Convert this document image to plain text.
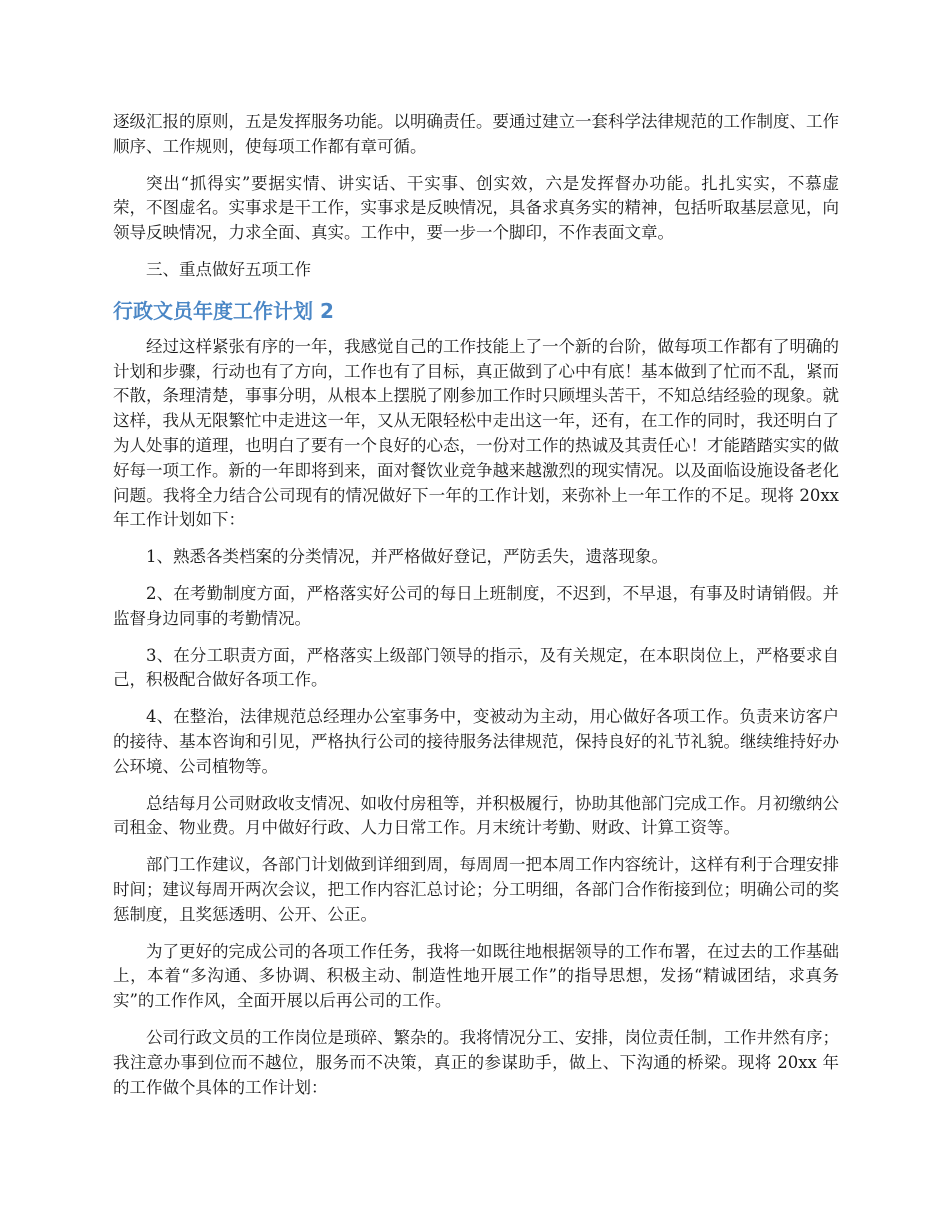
逐级汇报的原则，五是发挥服务功能。以明确责任。要通过建立一套科学法律规范的工作制度、工作顺序、工作规则，使每项工作都有章可循。

突出“抓得实”要据实情、讲实话、干实事、创实效，六是发挥督办功能。扎扎实实，不慕虚荣，不图虚名。实事求是干工作，实事求是反映情况，具备求真务实的精神，包括听取基层意见，向领导反映情况，力求全面、真实。工作中，要一步一个脚印，不作表面文章。

三、重点做好五项工作

行政文员年度工作计划 2

经过这样紧张有序的一年，我感觉自己的工作技能上了一个新的台阶，做每项工作都有了明确的计划和步骤，行动也有了方向，工作也有了目标，真正做到了心中有底！基本做到了忙而不乱，紧而不散，条理清楚，事事分明，从根本上摆脱了刚参加工作时只顾埋头苦干，不知总结经验的现象。就这样，我从无限繁忙中走进这一年，又从无限轻松中走出这一年，还有，在工作的同时，我还明白了为人处事的道理，也明白了要有一个良好的心态，一份对工作的热诚及其责任心！才能踏踏实实的做好每一项工作。新的一年即将到来，面对餐饮业竞争越来越激烈的现实情况。以及面临设施设备老化问题。我将全力结合公司现有的情况做好下一年的工作计划，来弥补上一年工作的不足。现将 20xx 年工作计划如下：

1、熟悉各类档案的分类情况，并严格做好登记，严防丢失，遗落现象。

2、在考勤制度方面，严格落实好公司的每日上班制度，不迟到，不早退，有事及时请销假。并监督身边同事的考勤情况。

3、在分工职责方面，严格落实上级部门领导的指示，及有关规定，在本职岗位上，严格要求自己，积极配合做好各项工作。

4、在整治，法律规范总经理办公室事务中，变被动为主动，用心做好各项工作。负责来访客户的接待、基本咨询和引见，严格执行公司的接待服务法律规范，保持良好的礼节礼貌。继续维持好办公环境、公司植物等。

总结每月公司财政收支情况、如收付房租等，并积极履行，协助其他部门完成工作。月初缴纳公司租金、物业费。月中做好行政、人力日常工作。月末统计考勤、财政、计算工资等。

部门工作建议，各部门计划做到详细到周，每周周一把本周工作内容统计，这样有利于合理安排时间；建议每周开两次会议，把工作内容汇总讨论；分工明细，各部门合作衔接到位；明确公司的奖惩制度，且奖惩透明、公开、公正。

为了更好的完成公司的各项工作任务，我将一如既往地根据领导的工作布署，在过去的工作基础上，本着“多沟通、多协调、积极主动、制造性地开展工作”的指导思想，发扬“精诚团结，求真务实”的工作作风，全面开展以后再公司的工作。

公司行政文员的工作岗位是琐碎、繁杂的。我将情况分工、安排，岗位责任制，工作井然有序；我注意办事到位而不越位，服务而不决策，真正的参谋助手，做上、下沟通的桥梁。现将 20xx 年的工作做个具体的工作计划：
